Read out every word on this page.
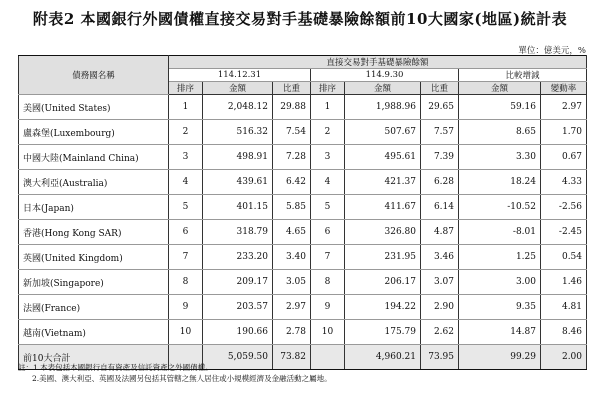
附表2 本國銀行外國債權直接交易對手基礎暴險餘額前10大國家(地區)統計表
單位：億美元，%
債務國名稱	直接交易對手基礎暴險餘額							
	114.12.31			114.9.30			比較增減	
	排序	金額	比重	排序	金額	比重	金額	變動率
美國(United States)	1	2,048.12	29.88	1	1,988.96	29.65	59.16	2.97
盧森堡(Luxembourg)	2	516.32	7.54	2	507.67	7.57	8.65	1.70
中國大陸(Mainland China)	3	498.91	7.28	3	495.61	7.39	3.30	0.67
澳大利亞(Australia)	4	439.61	6.42	4	421.37	6.28	18.24	4.33
日本(Japan)	5	401.15	5.85	5	411.67	6.14	-10.52	-2.56
香港(Hong Kong SAR)	6	318.79	4.65	6	326.80	4.87	-8.01	-2.45
英國(United Kingdom)	7	233.20	3.40	7	231.95	3.46	1.25	0.54
新加坡(Singapore)	8	209.17	3.05	8	206.17	3.07	3.00	1.46
法國(France)	9	203.57	2.97	9	194.22	2.90	9.35	4.81
越南(Vietnam)	10	190.66	2.78	10	175.79	2.62	14.87	8.46
前10大合計		5,059.50	73.82		4,960.21	73.95	99.29	2.00
註：1.本表包括本國銀行自有資產及信託資產之外國債權。
2.美國、澳大利亞、英國及法國另包括其管轄之無人居住或小規模經濟及金融活動之屬地。
